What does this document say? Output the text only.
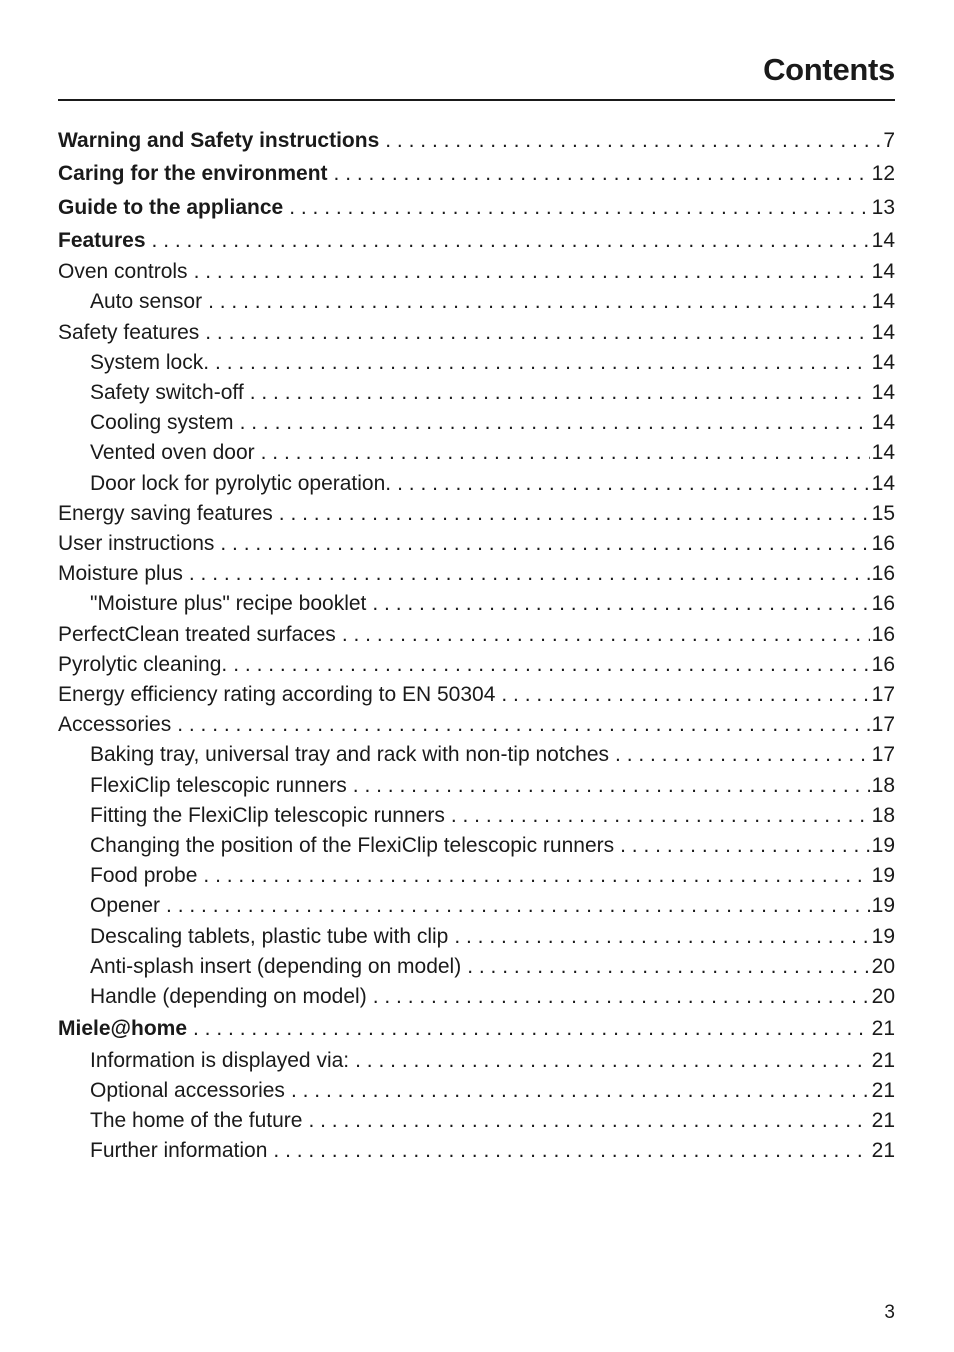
Contents
Warning and Safety instructions . . .	7
Caring for the environment . . .	12
Guide to the appliance . . .	13
Features . . .	14
Oven controls . . .	14
Auto sensor . . .	14
Safety features . . .	14
System lock. . . .	14
Safety switch-off . . .	14
Cooling system . . .	14
Vented oven door . . .	14
Door lock for pyrolytic operation. . . .	14
Energy saving features . . .	15
User instructions . . .	16
Moisture plus . . .	16
"Moisture plus" recipe booklet . . .	16
PerfectClean treated surfaces . . .	16
Pyrolytic cleaning. . . .	16
Energy efficiency rating according to EN 50304 . . .	17
Accessories . . .	17
Baking tray, universal tray and rack with non-tip notches . . .	17
FlexiClip telescopic runners . . .	18
Fitting the FlexiClip telescopic runners . . .	18
Changing the position of the FlexiClip telescopic runners . . .	19
Food probe . . .	19
Opener . . .	19
Descaling tablets, plastic tube with clip . . .	19
Anti-splash insert (depending on model) . . .	20
Handle (depending on model) . . .	20
Miele@home . . .	21
Information is displayed via: . . .	21
Optional accessories . . .	21
The home of the future . . .	21
Further information . . .	21
3
